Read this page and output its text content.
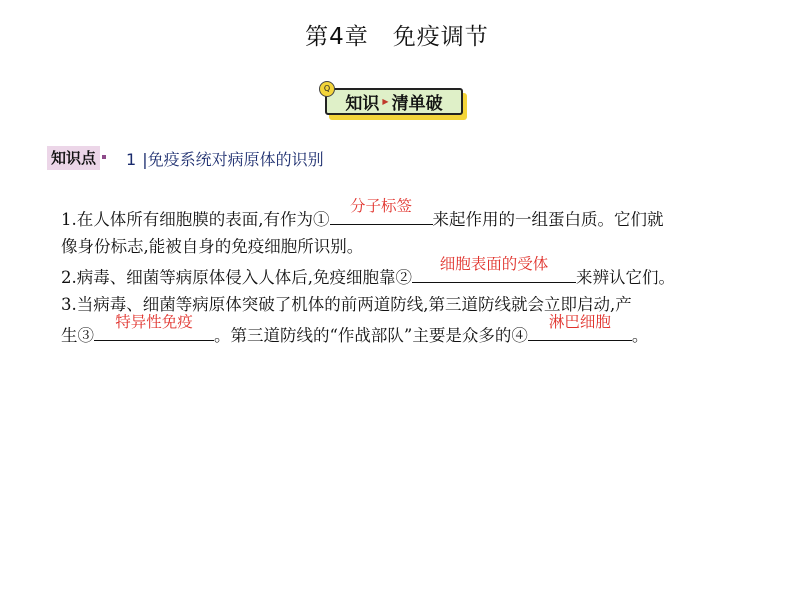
第4章　免疫调节
知识 ▶ 清单破
Q
知识点 1 |免疫系统对病原体的识别
1.在人体所有细胞膜的表面,有作为①
分子标签
来起作用的一组蛋白质。它们就
像身份标志,能被自身的免疫细胞所识别。
2.病毒、细菌等病原体侵入人体后,免疫细胞靠②
细胞表面的受体
来辨认它们。
3.当病毒、细菌等病原体突破了机体的前两道防线,第三道防线就会立即启动,产
生③
特异性免疫
。第三道防线的“作战部队”主要是众多的④
淋巴细胞
。
